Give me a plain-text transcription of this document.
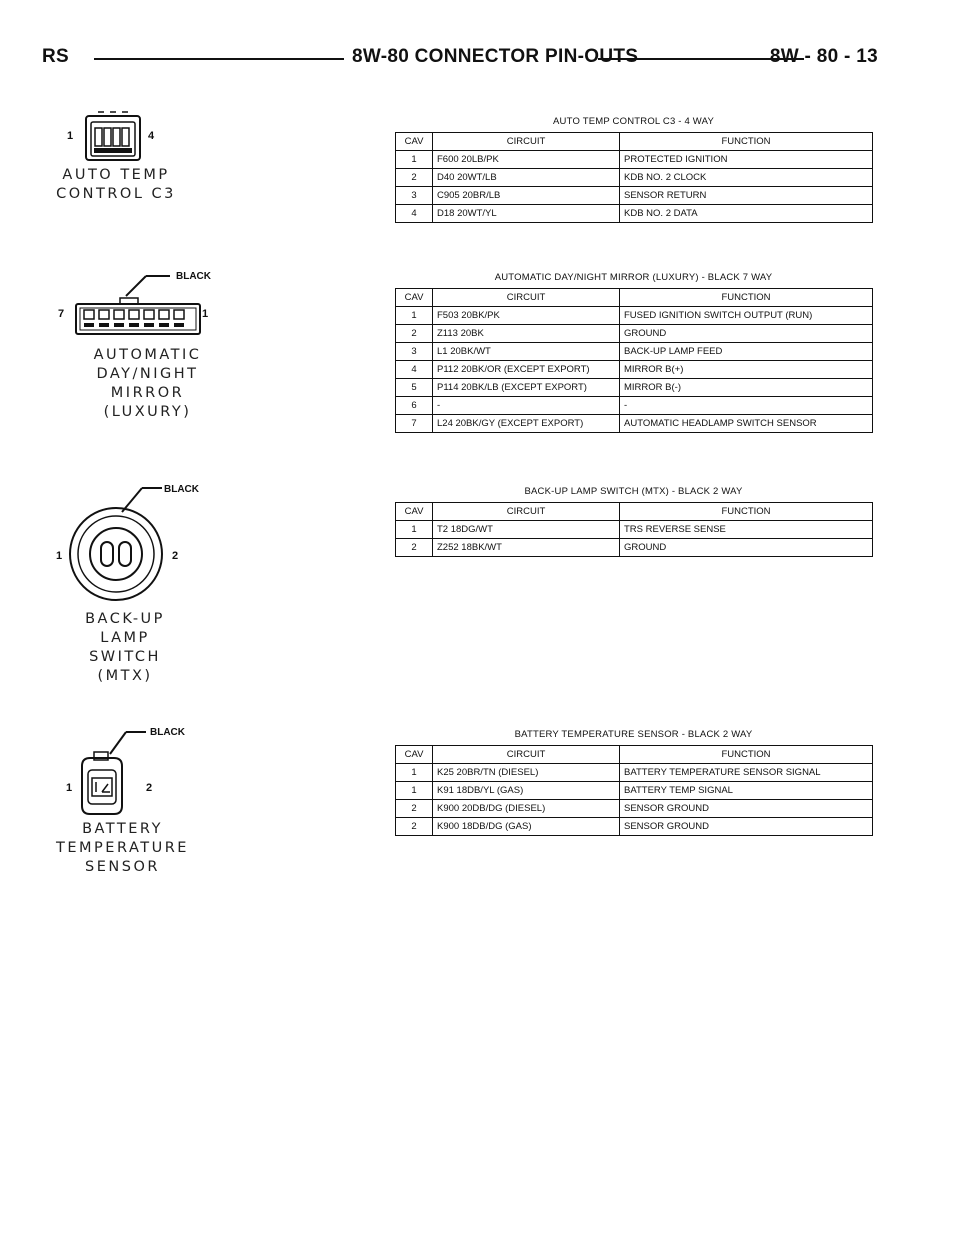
RS	8W-80 CONNECTOR PIN-OUTS	8W - 80 - 13
1	4
AUTO TEMP
CONTROL C3
AUTO TEMP CONTROL C3 - 4 WAY
CAV	CIRCUIT	FUNCTION
1	F600 20LB/PK	PROTECTED IGNITION
2	D40 20WT/LB	KDB NO. 2 CLOCK
3	C905 20BR/LB	SENSOR RETURN
4	D18 20WT/YL	KDB NO. 2 DATA
BLACK
7	1
AUTOMATIC
DAY/NIGHT
MIRROR
(LUXURY)
AUTOMATIC DAY/NIGHT MIRROR (LUXURY) - BLACK 7 WAY
CAV	CIRCUIT	FUNCTION
1	F503 20BK/PK	FUSED IGNITION SWITCH OUTPUT (RUN)
2	Z113 20BK	GROUND
3	L1 20BK/WT	BACK-UP LAMP FEED
4	P112 20BK/OR (EXCEPT EXPORT)	MIRROR B(+)
5	P114 20BK/LB (EXCEPT EXPORT)	MIRROR B(-)
6	-	-
7	L24 20BK/GY (EXCEPT EXPORT)	AUTOMATIC HEADLAMP SWITCH SENSOR
BLACK
1	2
BACK-UP
LAMP
SWITCH
(MTX)
BACK-UP LAMP SWITCH (MTX) - BLACK 2 WAY
CAV	CIRCUIT	FUNCTION
1	T2 18DG/WT	TRS REVERSE SENSE
2	Z252 18BK/WT	GROUND
BLACK
1	2
BATTERY
TEMPERATURE
SENSOR
BATTERY TEMPERATURE SENSOR - BLACK 2 WAY
CAV	CIRCUIT	FUNCTION
1	K25 20BR/TN (DIESEL)	BATTERY TEMPERATURE SENSOR SIGNAL
1	K91 18DB/YL (GAS)	BATTERY TEMP SIGNAL
2	K900 20DB/DG (DIESEL)	SENSOR GROUND
2	K900 18DB/DG (GAS)	SENSOR GROUND
